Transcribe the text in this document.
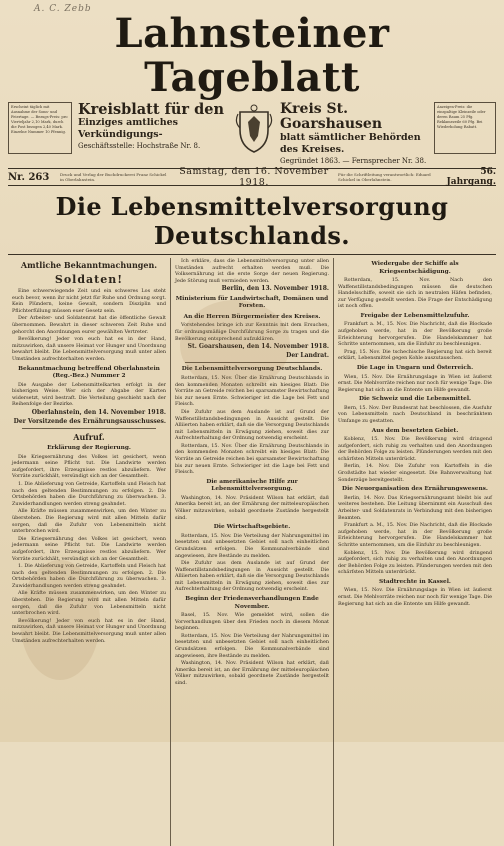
A. C. Zebb
Lahnsteiner Tageblatt
Erscheint täglich mit Ausnahme der Sonn- und Feiertage. — Bezugs-Preis: pro Vierteljahr 2,10 Mark, durch die Post bezogen 2,40 Mark. Einzelne Nummer 10 Pfennig.
Kreisblatt für den
Einziges amtliches Verkündigungs-
Geschäftsstelle: Hochstraße Nr. 8.
Kreis St. Goarshausen
blatt sämtlicher Behörden des Kreises.
Gegründet 1863. — Fernsprecher Nr. 38.
Anzeigen-Preis: die einspaltige Kleinzeile oder deren Raum 25 Pfg. Reklamezeile 60 Pfg. Bei Wiederholung Rabatt.
Nr. 263	Druck und Verlag der Buchdruckerei Franz Schickel in Oberlahnstein.
Samstag, den 16. November 1918.
Für die Schriftleitung verantwortlich: Eduard Schickel in Oberlahnstein.
56. Jahrgang.
Die Lebensmittelversorgung Deutschlands.
Amtliche Bekanntmachungen.
Soldaten!

Eine schwerwiegende Zeit und ein schweres Los steht euch bevor, wenn ihr nicht jetzt für Ruhe und Ordnung sorgt. Kein Plündern, keine Gewalt, sondern Disziplin und Pflichterfüllung müssen euer Gesetz sein.

Der Arbeiter- und Soldatenrat hat die öffentliche Gewalt übernommen. Bewahrt in dieser schweren Zeit Ruhe und gehorcht den Anordnungen eurer gewählten Vertreter.

Bevölkerung! Jeder von euch hat es in der Hand, mitzuwirken, daß unsere Heimat vor Hunger und Unordnung bewahrt bleibt. Die Lebensmittelversorgung muß unter allen Umständen aufrechterhalten werden.

Bekanntmachung betreffend Oberlahnstein (Reg.-Bez.) Nummer 2

Die Ausgabe der Lebensmittelkarten erfolgt in der bisherigen Weise. Wer sich der Abgabe der Karten widersetzt, wird bestraft. Die Verteilung geschieht nach der Reihenfolge der Bezirke.

Oberlahnstein, den 14. November 1918.
Der Vorsitzende des Ernährungsausschusses.
Aufruf.
Erklärung der Regierung.

Die Kriegsernährung des Volkes ist gesichert, wenn jedermann seine Pflicht tut. Die Landwirte werden aufgefordert, ihre Erzeugnisse restlos abzuliefern. Wer Vorräte zurückhält, versündigt sich an der Gesamtheit.

1. Die Ablieferung von Getreide, Kartoffeln und Fleisch hat nach den geltenden Bestimmungen zu erfolgen. 2. Die Ortsbehörden haben die Durchführung zu überwachen. 3. Zuwiderhandlungen werden streng geahndet.

Alle Kräfte müssen zusammenwirken, um den Winter zu überstehen. Die Regierung wird mit allen Mitteln dafür sorgen, daß die Zufuhr von Lebensmitteln nicht unterbrochen wird.

Die Kriegsernährung des Volkes ist gesichert, wenn jedermann seine Pflicht tut. Die Landwirte werden aufgefordert, ihre Erzeugnisse restlos abzuliefern. Wer Vorräte zurückhält, versündigt sich an der Gesamtheit.

1. Die Ablieferung von Getreide, Kartoffeln und Fleisch hat nach den geltenden Bestimmungen zu erfolgen. 2. Die Ortsbehörden haben die Durchführung zu überwachen. 3. Zuwiderhandlungen werden streng geahndet.

Alle Kräfte müssen zusammenwirken, um den Winter zu überstehen. Die Regierung wird mit allen Mitteln dafür sorgen, daß die Zufuhr von Lebensmitteln nicht unterbrochen wird.

Bevölkerung! Jeder von euch hat es in der Hand, mitzuwirken, daß unsere Heimat vor Hunger und Unordnung bewahrt bleibt. Die Lebensmittelversorgung muß unter allen Umständen aufrechterhalten werden.

Ich erkläre, dass die Lebensmittelversorgung unter allen Umständen aufrecht erhalten werden muß. Die Volksernährung ist die erste Sorge der neuen Regierung. Jede Störung muß vermieden werden.

Berlin, den 13. November 1918.
Ministerium für Landwirtschaft, Domänen und Forsten.
An die Herren Bürgermeister des Kreises.

Vorstehendes bringe ich zur Kenntnis mit dem Ersuchen, für ordnungsmäßige Durchführung Sorge zu tragen und die Bevölkerung entsprechend aufzuklären.

St. Goarshausen, den 14. November 1918.
Der Landrat.
Die Lebensmittelversorgung Deutschlands.

Rotterdam, 15. Nov. Über die Ernährung Deutschlands in den kommenden Monaten schreibt ein hiesiges Blatt: Die Vorräte an Getreide reichen bei sparsamster Bewirtschaftung bis zur neuen Ernte. Schwieriger ist die Lage bei Fett und Fleisch.

Die Zufuhr aus dem Auslande ist auf Grund der Waffenstillstandsbedingungen in Aussicht gestellt. Die Alliierten haben erklärt, daß sie die Versorgung Deutschlands mit Lebensmitteln in Erwägung ziehen, soweit dies zur Aufrechterhaltung der Ordnung notwendig erscheint.

Rotterdam, 15. Nov. Über die Ernährung Deutschlands in den kommenden Monaten schreibt ein hiesiges Blatt: Die Vorräte an Getreide reichen bei sparsamster Bewirtschaftung bis zur neuen Ernte. Schwieriger ist die Lage bei Fett und Fleisch.

Die amerikanische Hilfe zur Lebensmittelversorgung.

Washington, 14. Nov. Präsident Wilson hat erklärt, daß Amerika bereit ist, an der Ernährung der mitteleuropäischen Völker mitzuwirken, sobald geordnete Zustände hergestellt sind.

Die Wirtschaftsgebiete.

Rotterdam, 15. Nov. Die Verteilung der Nahrungsmittel im besetzten und unbesetzten Gebiet soll nach einheitlichen Grundsätzen erfolgen. Die Kommunalverbände sind angewiesen, ihre Bestände zu melden.

Die Zufuhr aus dem Auslande ist auf Grund der Waffenstillstandsbedingungen in Aussicht gestellt. Die Alliierten haben erklärt, daß sie die Versorgung Deutschlands mit Lebensmitteln in Erwägung ziehen, soweit dies zur Aufrechterhaltung der Ordnung notwendig erscheint.

Beginn der Friedensverhandlungen Ende November.

Basel, 15. Nov. Wie gemeldet wird, sollen die Vorverhandlungen über den Frieden noch in diesem Monat beginnen.

Rotterdam, 15. Nov. Die Verteilung der Nahrungsmittel im besetzten und unbesetzten Gebiet soll nach einheitlichen Grundsätzen erfolgen. Die Kommunalverbände sind angewiesen, ihre Bestände zu melden.

Washington, 14. Nov. Präsident Wilson hat erklärt, daß Amerika bereit ist, an der Ernährung der mitteleuropäischen Völker mitzuwirken, sobald geordnete Zustände hergestellt sind.

Wiedergabe der Schiffe als Kriegsentschädigung.

Rotterdam, 15. Nov. Nach den Waffenstillstandsbedingungen müssen die deutschen Handelsschiffe, soweit sie sich in neutralen Häfen befinden, zur Verfügung gestellt werden. Die Frage der Entschädigung ist noch offen.

Freigabe der Lebensmittelzufuhr.

Frankfurt a. M., 15. Nov. Die Nachricht, daß die Blockade aufgehoben werde, hat in der Bevölkerung große Erleichterung hervorgerufen. Die Handelskammer hat Schritte unternommen, um die Einfuhr zu beschleunigen.

Prag, 15. Nov. Die tschechische Regierung hat sich bereit erklärt, Lebensmittel gegen Kohle auszutauschen.

Die Lage in Ungarn und Österreich.

Wien, 15. Nov. Die Ernährungslage in Wien ist äußerst ernst. Die Mehlvorräte reichen nur noch für wenige Tage. Die Regierung hat sich an die Entente um Hilfe gewandt.

Die Schweiz und die Lebensmittel.

Bern, 15. Nov. Der Bundesrat hat beschlossen, die Ausfuhr von Lebensmitteln nach Deutschland in beschränktem Umfange zu gestatten.

Aus dem besetzten Gebiet.

Koblenz, 15. Nov. Die Bevölkerung wird dringend aufgefordert, sich ruhig zu verhalten und den Anordnungen der Behörden Folge zu leisten. Plünderungen werden mit den schärfsten Mitteln unterdrückt.

Berlin, 14. Nov. Die Zufuhr von Kartoffeln in die Großstädte hat wieder eingesetzt. Die Bahnverwaltung hat Sonderzüge bereitgestellt.

Die Neuorganisation des Ernährungswesens.

Berlin, 14. Nov. Das Kriegsernährungsamt bleibt bis auf weiteres bestehen. Die Leitung übernimmt ein Ausschuß des Arbeiter- und Soldatenrats in Verbindung mit den bisherigen Beamten.

Frankfurt a. M., 15. Nov. Die Nachricht, daß die Blockade aufgehoben werde, hat in der Bevölkerung große Erleichterung hervorgerufen. Die Handelskammer hat Schritte unternommen, um die Einfuhr zu beschleunigen.

Koblenz, 15. Nov. Die Bevölkerung wird dringend aufgefordert, sich ruhig zu verhalten und den Anordnungen der Behörden Folge zu leisten. Plünderungen werden mit den schärfsten Mitteln unterdrückt.

Stadtrechte in Kassel.

Wien, 15. Nov. Die Ernährungslage in Wien ist äußerst ernst. Die Mehlvorräte reichen nur noch für wenige Tage. Die Regierung hat sich an die Entente um Hilfe gewandt.
